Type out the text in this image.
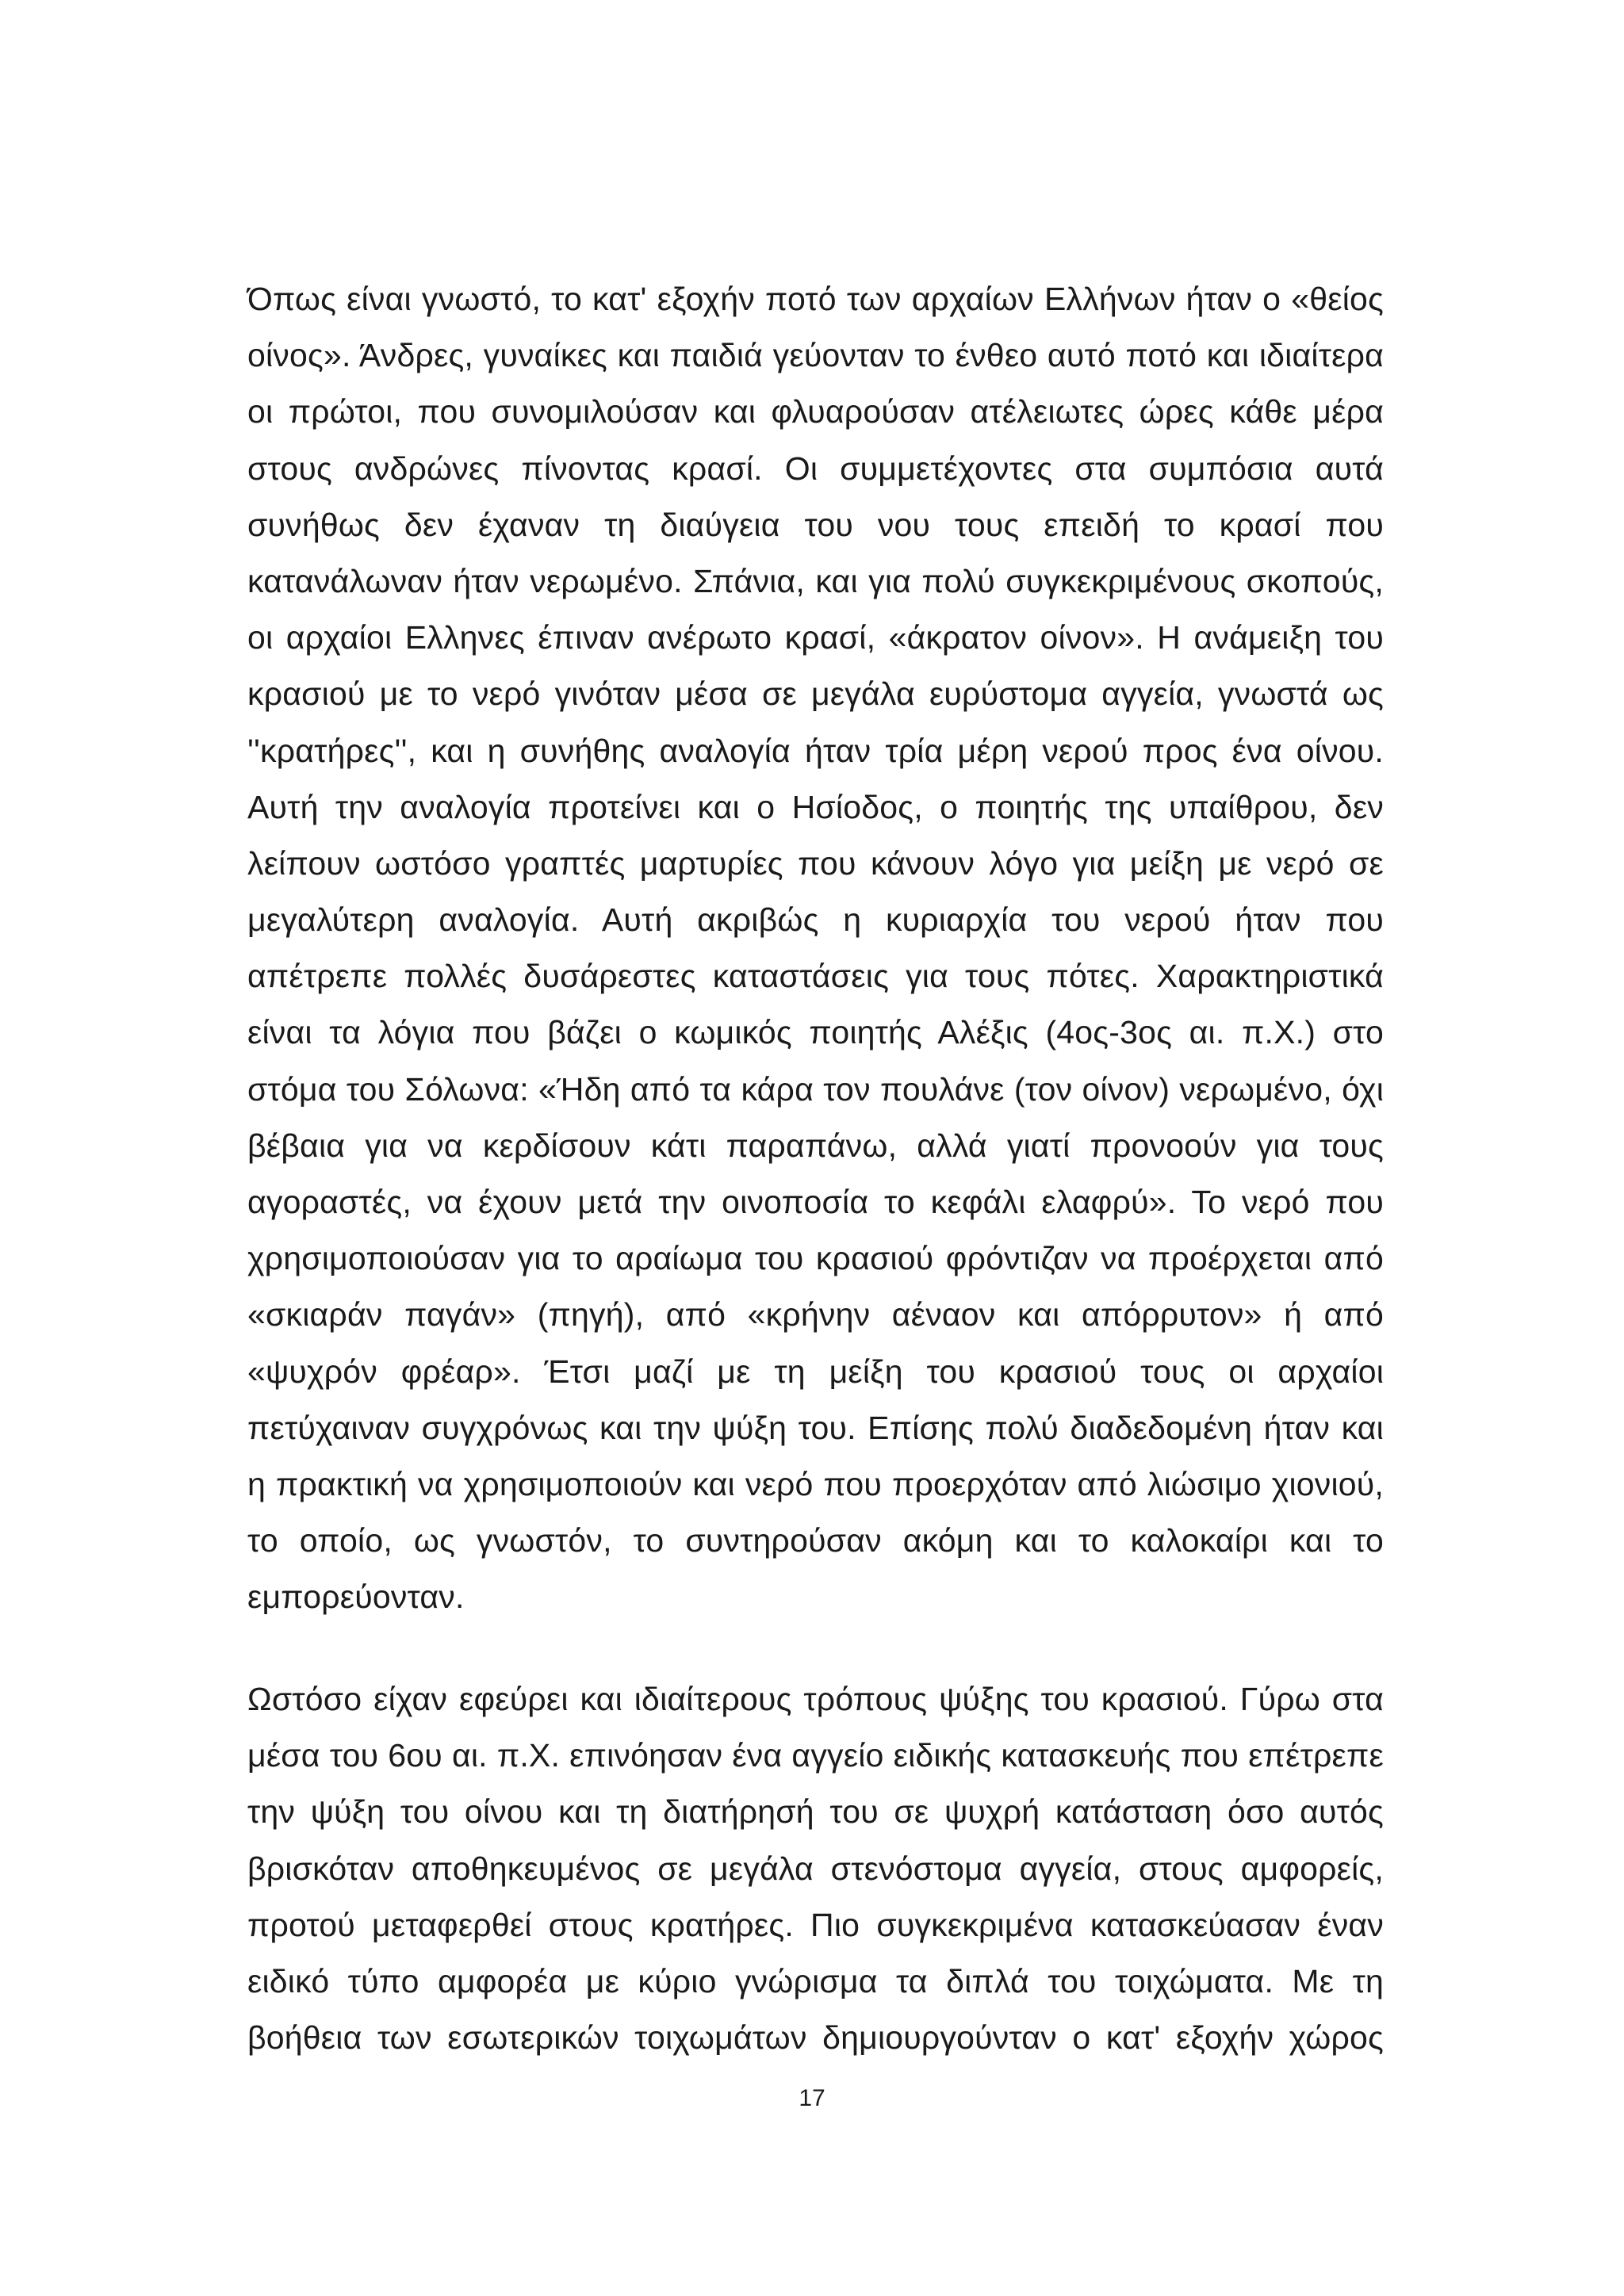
Όπως είναι γνωστό, το κατ' εξοχήν ποτό των αρχαίων Ελλήνων ήταν ο «θείος
οίνος». Άνδρες, γυναίκες και παιδιά γεύονταν το ένθεο αυτό ποτό και ιδιαίτερα
οι πρώτοι, που συνομιλούσαν και φλυαρούσαν ατέλειωτες ώρες κάθε μέρα
στους ανδρώνες πίνοντας κρασί. Οι συμμετέχοντες στα συμπόσια αυτά
συνήθως δεν έχαναν τη διαύγεια του νου τους επειδή το κρασί που
κατανάλωναν ήταν νερωμένο. Σπάνια, και για πολύ συγκεκριμένους σκοπούς,
οι αρχαίοι Ελληνες έπιναν ανέρωτο κρασί, «άκρατον οίνον». Η ανάμειξη του
κρασιού με το νερό γινόταν μέσα σε μεγάλα ευρύστομα αγγεία, γνωστά ως
''κρατήρες'', και η συνήθης αναλογία ήταν τρία μέρη νερού προς ένα οίνου.
Αυτή την αναλογία προτείνει και ο Ησίοδος, ο ποιητής της υπαίθρου, δεν
λείπουν ωστόσο γραπτές μαρτυρίες που κάνουν λόγο για μείξη με νερό σε
μεγαλύτερη αναλογία. Αυτή ακριβώς η κυριαρχία του νερού ήταν που
απέτρεπε πολλές δυσάρεστες καταστάσεις για τους πότες. Χαρακτηριστικά
είναι τα λόγια που βάζει ο κωμικός ποιητής Αλέξις (4ος-3ος αι. π.Χ.) στο
στόμα του Σόλωνα: «Ήδη από τα κάρα τον πουλάνε (τον οίνον) νερωμένο, όχι
βέβαια για να κερδίσουν κάτι παραπάνω, αλλά γιατί προνοούν για τους
αγοραστές, να έχουν μετά την οινοποσία το κεφάλι ελαφρύ». Το νερό που
χρησιμοποιούσαν για το αραίωμα του κρασιού φρόντιζαν να προέρχεται από
«σκιαράν παγάν» (πηγή), από «κρήνην αέναον και απόρρυτον» ή από
«ψυχρόν φρέαρ». Έτσι μαζί με τη μείξη του κρασιού τους οι αρχαίοι
πετύχαιναν συγχρόνως και την ψύξη του. Επίσης πολύ διαδεδομένη ήταν και
η πρακτική να χρησιμοποιούν και νερό που προερχόταν από λιώσιμο χιονιού,
το οποίο, ως γνωστόν, το συντηρούσαν ακόμη και το καλοκαίρι και το
εμπορεύονταν.
Ωστόσο είχαν εφεύρει και ιδιαίτερους τρόπους ψύξης του κρασιού. Γύρω στα
μέσα του 6ου αι. π.Χ. επινόησαν ένα αγγείο ειδικής κατασκευής που επέτρεπε
την ψύξη του οίνου και τη διατήρησή του σε ψυχρή κατάσταση όσο αυτός
βρισκόταν αποθηκευμένος σε μεγάλα στενόστομα αγγεία, στους αμφορείς,
προτού μεταφερθεί στους κρατήρες. Πιο συγκεκριμένα κατασκεύασαν έναν
ειδικό τύπο αμφορέα με κύριο γνώρισμα τα διπλά του τοιχώματα. Με τη
βοήθεια των εσωτερικών τοιχωμάτων δημιουργούνταν ο κατ' εξοχήν χώρος
17
